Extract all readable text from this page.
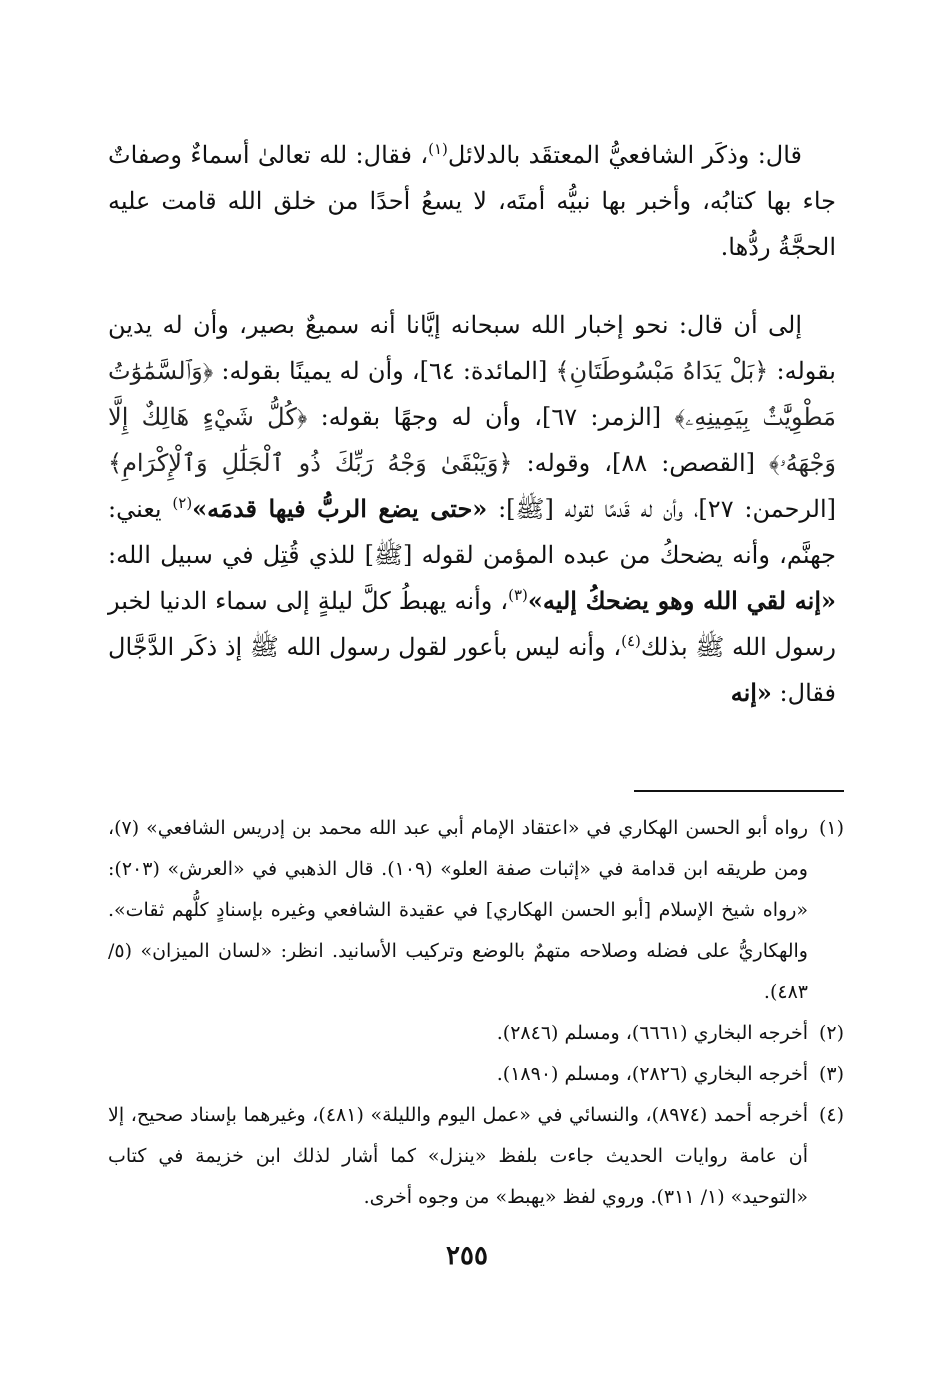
قال: وذكَر الشافعيُّ المعتقَد بالدلائل$^{(١)}$، فقال: لله تعالىٰ أسماءٌ وصفاتٌ جاء بها كتابُه، وأخبر بها نبيُّه أمتَه، لا يسعُ أحدًا من خلق الله قامت عليه الحجَّةُ ردُّها.

إلى أن قال: نحو إخبار الله سبحانه إيَّانا أنه سميعٌ بصير، وأن له يدين بقوله: ﴿بَلْ يَدَاهُ مَبْسُوطَتَانِ﴾ [المائدة: ٦٤]، وأن له يمينًا بقوله: ﴿وَٱلسَّمَٰوَٰتُ مَطْوِيَّٰتٌۢ بِيَمِينِهِۦ﴾ [الزمر: ٦٧]، وأن له وجهًا بقوله: ﴿كُلُّ شَيْءٍ هَالِكٌ إِلَّا وَجْهَهُۥ﴾ [القصص: ٨٨]، وقوله: ﴿وَيَبْقَىٰ وَجْهُ رَبِّكَ ذُو ٱلْجَلَٰلِ وَٱلْإِكْرَامِ﴾ [الرحمن: ٢٧]، وأن له قَدمًا لقوله [ﷺ]: «حتى يضع الربُّ فيها قدمَه»$^{(٢)}$ يعني: جهنَّم، وأنه يضحكُ من عبده المؤمن لقوله [ﷺ] للذي قُتِل في سبيل الله: «إنه لقي الله وهو يضحكُ إليه»$^{(٣)}$، وأنه يهبطُ كلَّ ليلةٍ إلى سماء الدنيا لخبر رسول الله ﷺ بذلك$^{(٤)}$، وأنه ليس بأعور لقول رسول الله ﷺ إذ ذكَر الدَّجَّال فقال: «إنه

(١)
رواه أبو الحسن الهكاري في «اعتقاد الإمام أبي عبد الله محمد بن إدريس الشافعي» (٧)، ومن طريقه ابن قدامة في «إثبات صفة العلو» (١٠٩). قال الذهبي في «العرش» (٢٠٣): «رواه شيخ الإسلام [أبو الحسن الهكاري] في عقيدة الشافعي وغيره بإسنادٍ كلُّهم ثقات». والهكاريُّ على فضله وصلاحه متهمٌ بالوضع وتركيب الأسانيد. انظر: «لسان الميزان» (٥/ ٤٨٣).
(٢)
أخرجه البخاري (٦٦٦١)، ومسلم (٢٨٤٦).
(٣)
أخرجه البخاري (٢٨٢٦)، ومسلم (١٨٩٠).
(٤)
أخرجه أحمد (٨٩٧٤)، والنسائي في «عمل اليوم والليلة» (٤٨١)، وغيرهما بإسناد صحيح، إلا أن عامة روايات الحديث جاءت بلفظ «ينزل» كما أشار لذلك ابن خزيمة في كتاب «التوحيد» (١/ ٣١١). وروي لفظ «يهبط» من وجوه أخرى.
٢٥٥
